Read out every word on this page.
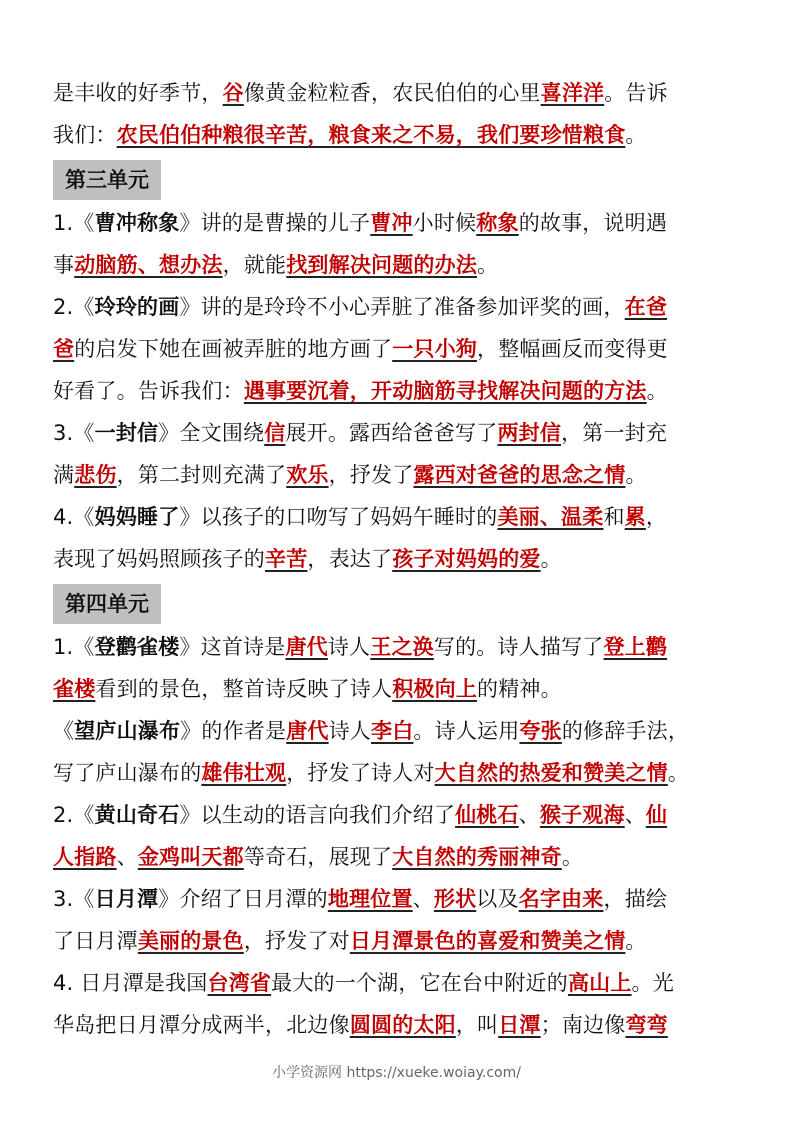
是丰收的好季节，谷像黄金粒粒香，农民伯伯的心里喜洋洋。告诉
我们：农民伯伯种粮很辛苦，粮食来之不易，我们要珍惜粮食。
第三单元
1.《曹冲称象》讲的是曹操的儿子曹冲小时候称象的故事，说明遇
事动脑筋、想办法，就能找到解决问题的办法。
2.《玲玲的画》讲的是玲玲不小心弄脏了准备参加评奖的画，在爸
爸的启发下她在画被弄脏的地方画了一只小狗，整幅画反而变得更
好看了。告诉我们：遇事要沉着，开动脑筋寻找解决问题的方法。
3.《一封信》全文围绕信展开。露西给爸爸写了两封信，第一封充
满悲伤，第二封则充满了欢乐，抒发了露西对爸爸的思念之情。
4.《妈妈睡了》以孩子的口吻写了妈妈午睡时的美丽、温柔和累，
表现了妈妈照顾孩子的辛苦，表达了孩子对妈妈的爱。
第四单元
1.《登鹳雀楼》这首诗是唐代诗人王之涣写的。诗人描写了登上鹳
雀楼看到的景色，整首诗反映了诗人积极向上的精神。
《望庐山瀑布》的作者是唐代诗人李白。诗人运用夸张的修辞手法，
写了庐山瀑布的雄伟壮观，抒发了诗人对大自然的热爱和赞美之情。
2.《黄山奇石》以生动的语言向我们介绍了仙桃石、猴子观海、仙
人指路、金鸡叫天都等奇石，展现了大自然的秀丽神奇。
3.《日月潭》介绍了日月潭的地理位置、形状以及名字由来，描绘
了日月潭美丽的景色，抒发了对日月潭景色的喜爱和赞美之情。
4. 日月潭是我国台湾省最大的一个湖，它在台中附近的高山上。光
华岛把日月潭分成两半，北边像圆圆的太阳，叫日潭；南边像弯弯
小学资源网 https://xueke.woiay.com/
